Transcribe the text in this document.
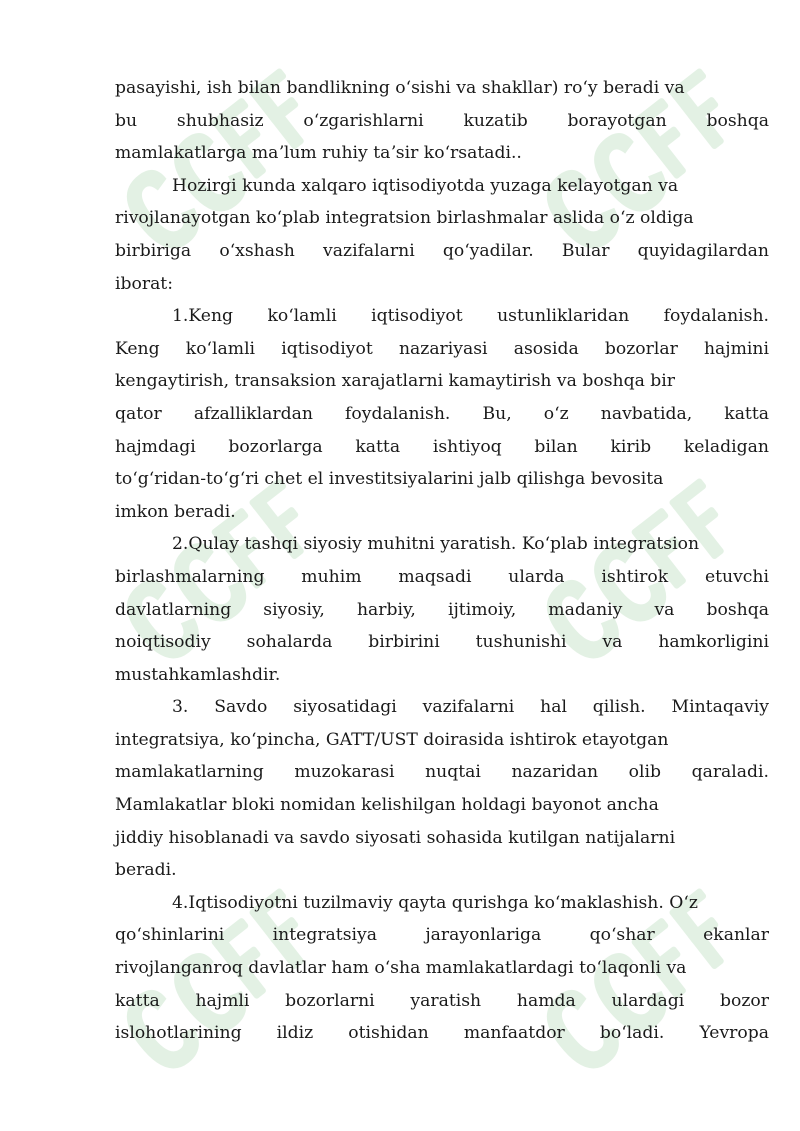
pasayishi, ish bilan bandlikning oʻsishi va shakllar) roʻy beradi va
bu shubhasiz oʻzgarishlarni kuzatib borayotgan boshqa
mamlakatlarga maʼlum ruhiy taʼsir koʻrsatadi..
Hozirgi kunda xalqaro iqtisodiyotda yuzaga kelayotgan va
rivojlanayotgan koʻplab integratsion birlashmalar aslida oʻz oldiga
birbiriga oʻxshash vazifalarni qoʻyadilar. Bular quyidagilardan
iborat:
1.Keng koʻlamli iqtisodiyot ustunliklaridan foydalanish.
Keng koʻlamli iqtisodiyot nazariyasi asosida bozorlar hajmini
kengaytirish, transaksion xarajatlarni kamaytirish va boshqa bir
qator afzalliklardan foydalanish. Bu, oʻz navbatida, katta
hajmdagi bozorlarga katta ishtiyoq bilan kirib keladigan
toʻgʻridan-toʻgʻri chet el investitsiyalarini jalb qilishga bevosita
imkon beradi.
2.Qulay tashqi siyosiy muhitni yaratish. Koʻplab integratsion
birlashmalarning muhim maqsadi ularda ishtirok etuvchi
davlatlarning siyosiy, harbiy, ijtimoiy, madaniy va boshqa
noiqtisodiy sohalarda birbirini tushunishi va hamkorligini
mustahkamlashdir.
3. Savdo siyosatidagi vazifalarni hal qilish. Mintaqaviy
integratsiya, koʻpincha, GATT/UST doirasida ishtirok etayotgan
mamlakatlarning muzokarasi nuqtai nazaridan olib qaraladi.
Mamlakatlar bloki nomidan kelishilgan holdagi bayonot ancha
jiddiy hisoblanadi va savdo siyosati sohasida kutilgan natijalarni
beradi.
4.Iqtisodiyotni tuzilmaviy qayta qurishga koʻmaklashish. Oʻz
qoʻshinlarini integratsiya jarayonlariga qoʻshar ekanlar
rivojlanganroq davlatlar ham oʻsha mamlakatlardagi toʻlaqonli va
katta hajmli bozorlarni yaratish hamda ulardagi bozor
islohotlarining ildiz otishidan manfaatdor boʻladi. Yevropa
